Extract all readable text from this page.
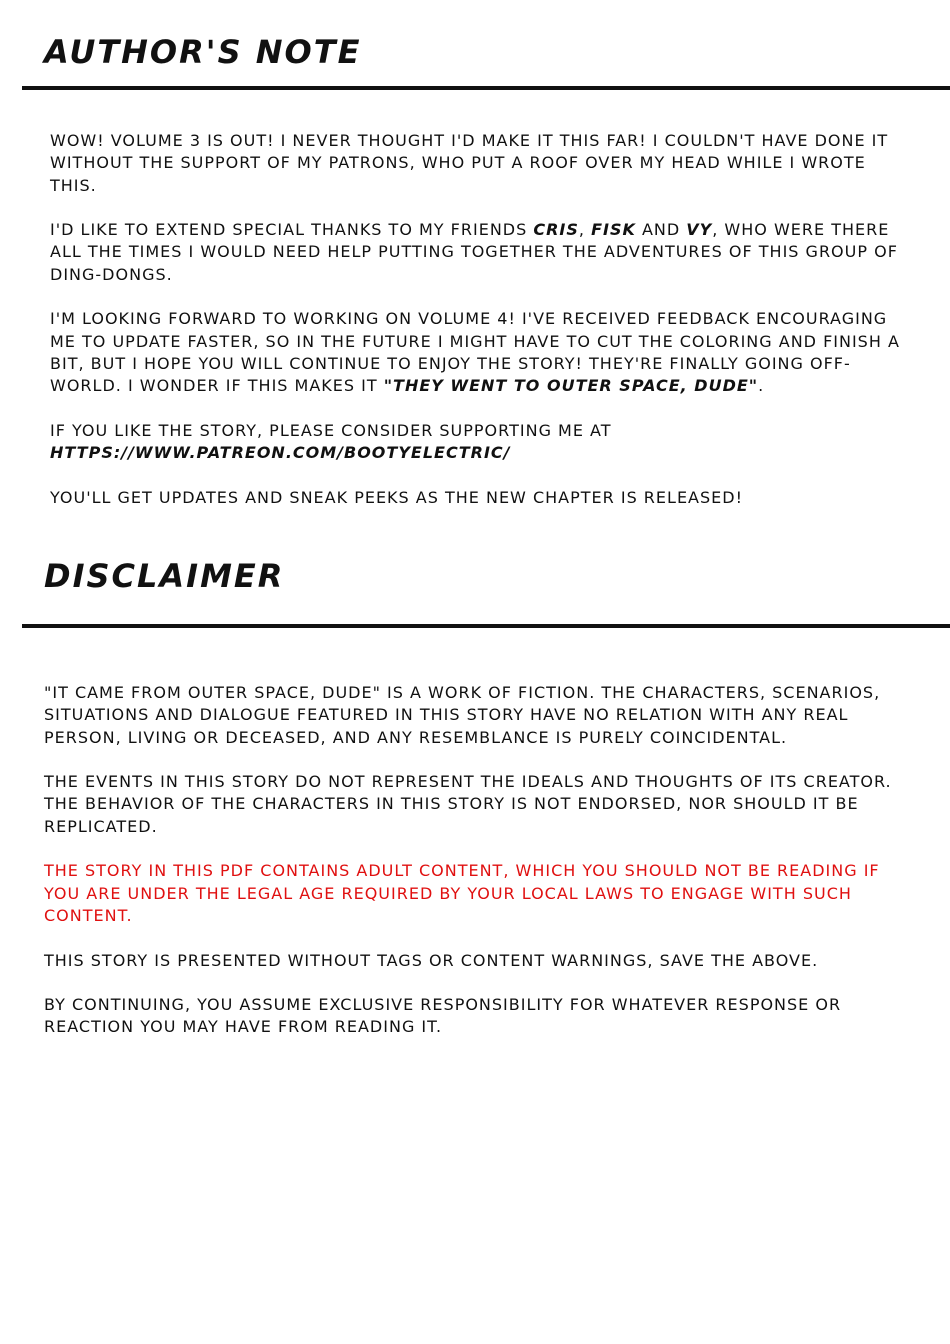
AUTHOR'S NOTE

WOW! VOLUME 3 IS OUT! I NEVER THOUGHT I'D MAKE IT THIS FAR! I COULDN'T HAVE DONE IT WITHOUT THE SUPPORT OF MY PATRONS, WHO PUT A ROOF OVER MY HEAD WHILE I WROTE THIS.

I'D LIKE TO EXTEND SPECIAL THANKS TO MY FRIENDS CRIS, FISK AND VY, WHO WERE THERE ALL THE TIMES I WOULD NEED HELP PUTTING TOGETHER THE ADVENTURES OF THIS GROUP OF DING-DONGS.

I'M LOOKING FORWARD TO WORKING ON VOLUME 4! I'VE RECEIVED FEEDBACK ENCOURAGING ME TO UPDATE FASTER, SO IN THE FUTURE I MIGHT HAVE TO CUT THE COLORING AND FINISH A BIT, BUT I HOPE YOU WILL CONTINUE TO ENJOY THE STORY! THEY'RE FINALLY GOING OFF-WORLD. I WONDER IF THIS MAKES IT "THEY WENT TO OUTER SPACE, DUDE".

IF YOU LIKE THE STORY, PLEASE CONSIDER SUPPORTING ME AT
HTTPS://WWW.PATREON.COM/BOOTYELECTRIC/

YOU'LL GET UPDATES AND SNEAK PEEKS AS THE NEW CHAPTER IS RELEASED!

DISCLAIMER

"IT CAME FROM OUTER SPACE, DUDE" IS A WORK OF FICTION. THE CHARACTERS, SCENARIOS, SITUATIONS AND DIALOGUE FEATURED IN THIS STORY HAVE NO RELATION WITH ANY REAL PERSON, LIVING OR DECEASED, AND ANY RESEMBLANCE IS PURELY COINCIDENTAL.

THE EVENTS IN THIS STORY DO NOT REPRESENT THE IDEALS AND THOUGHTS OF ITS CREATOR. THE BEHAVIOR OF THE CHARACTERS IN THIS STORY IS NOT ENDORSED, NOR SHOULD IT BE REPLICATED.

THE STORY IN THIS PDF CONTAINS ADULT CONTENT, WHICH YOU SHOULD NOT BE READING IF YOU ARE UNDER THE LEGAL AGE REQUIRED BY YOUR LOCAL LAWS TO ENGAGE WITH SUCH CONTENT.

THIS STORY IS PRESENTED WITHOUT TAGS OR CONTENT WARNINGS, SAVE THE ABOVE.

BY CONTINUING, YOU ASSUME EXCLUSIVE RESPONSIBILITY FOR WHATEVER RESPONSE OR REACTION YOU MAY HAVE FROM READING IT.
